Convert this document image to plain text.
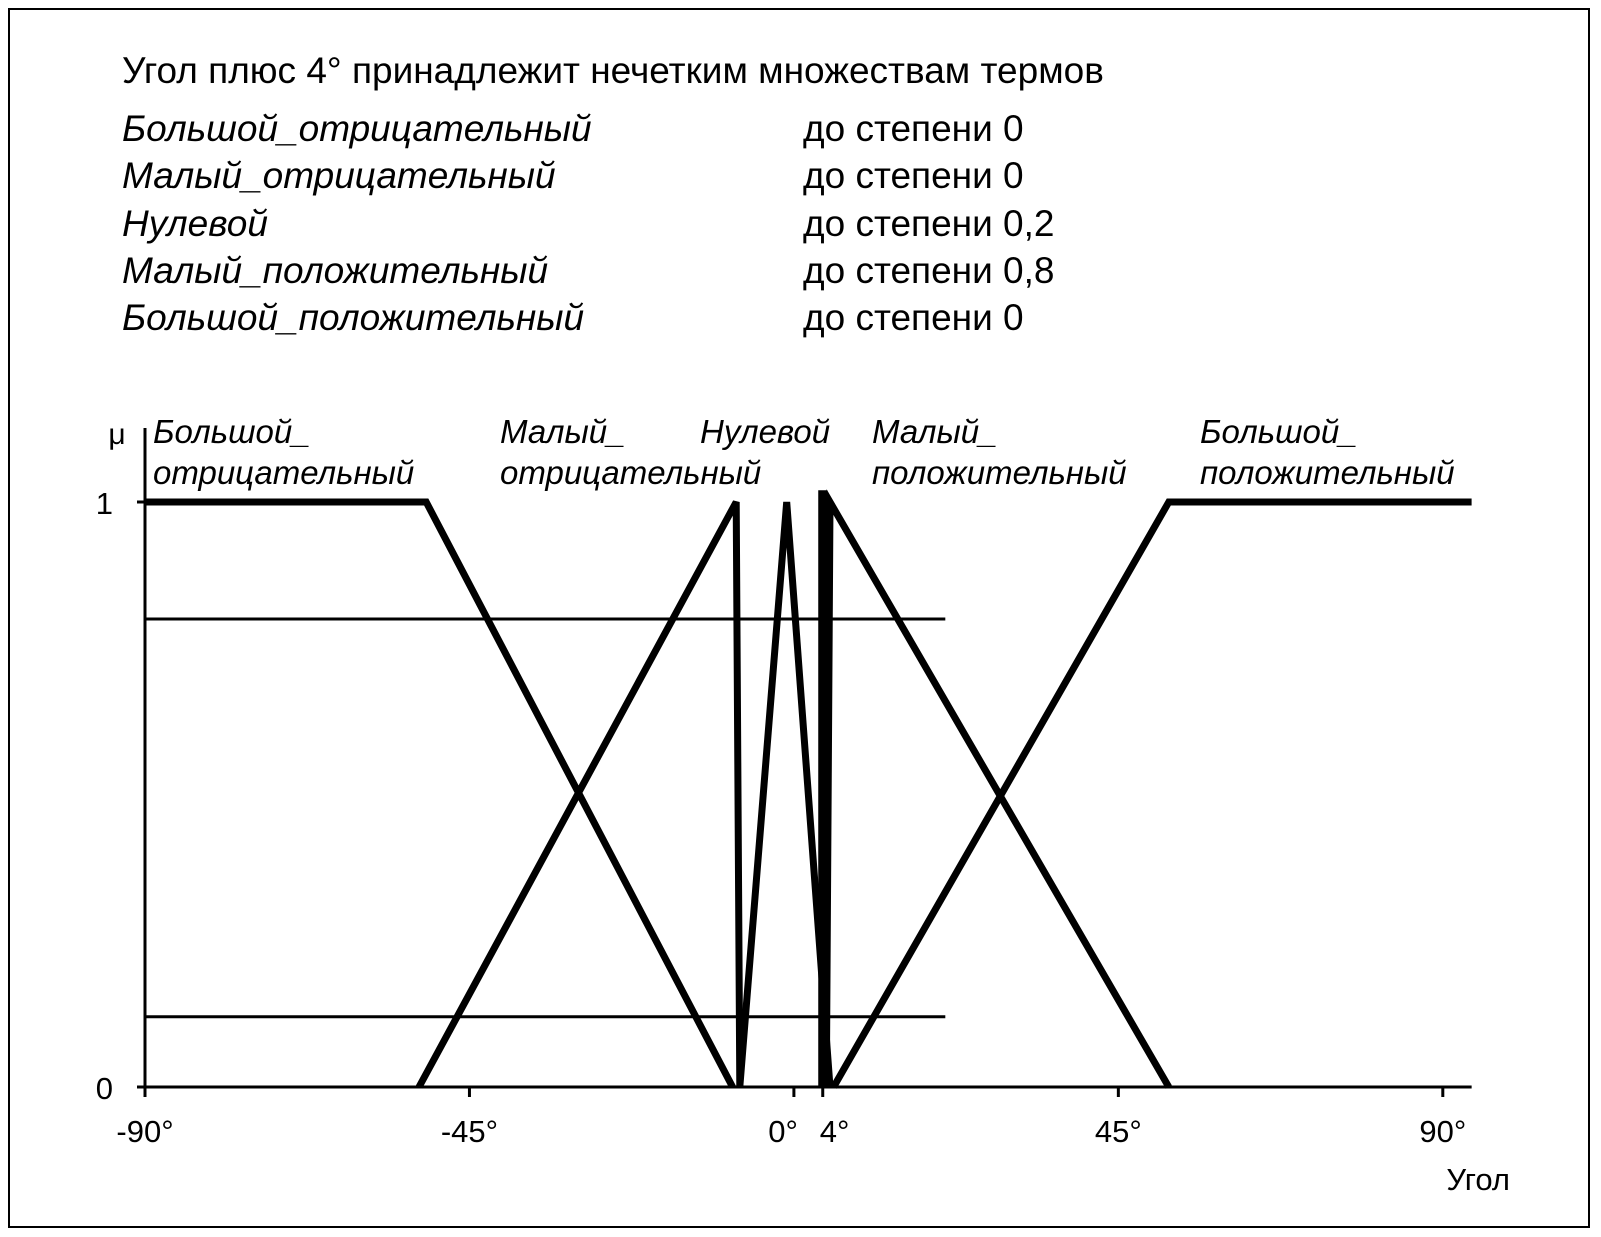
Угол плюс 4° принадлежит нечетким множествам термов
Большой_отрицательный	до степени 0
Малый_отрицательный	до степени 0
Нулевой	до степени 0,2
Малый_положительный	до степени 0,8
Большой_положительный	до степени 0
μ
Угол
-90°	-45°	0° 4°	45°	90°
0
1
Большой_
отрицательный
Малый_
отрицательный
Нулевой Малый_
положительный
Большой_
положительный
